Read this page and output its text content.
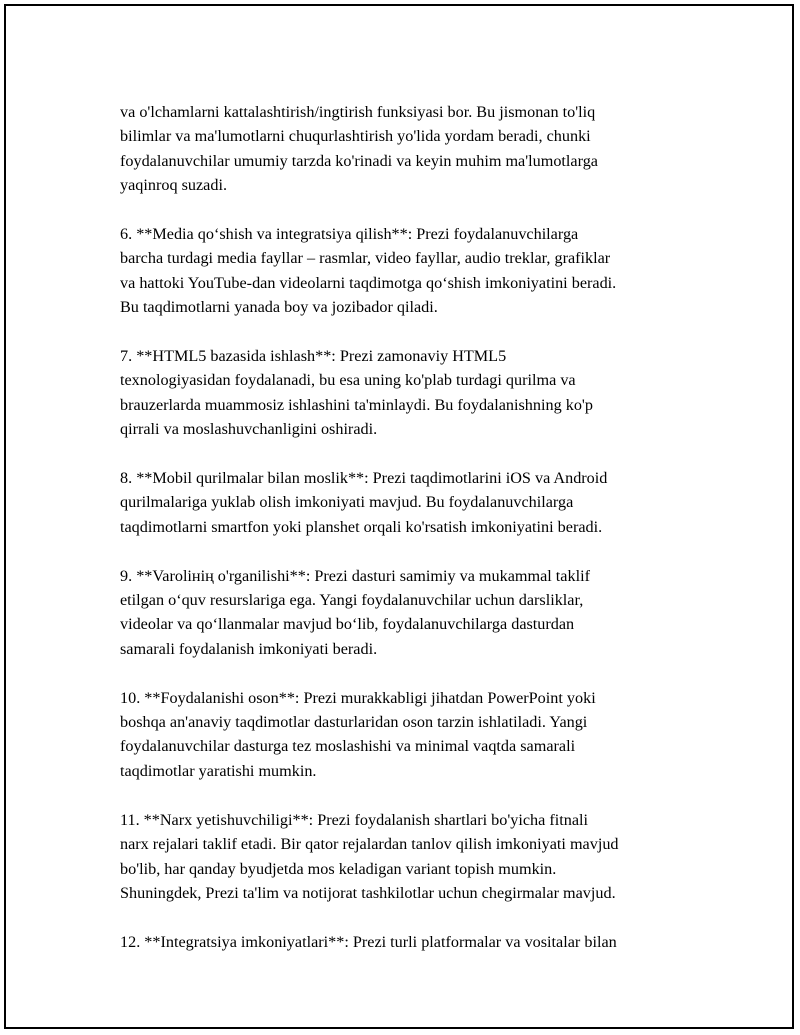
va o'lchamlarni kattalashtirish/ingtirish funksiyasi bor. Bu jismonan to'liq
bilimlar va ma'lumotlarni chuqurlashtirish yo'lida yordam beradi, chunki
foydalanuvchilar umumiy tarzda ko'rinadi va keyin muhim ma'lumotlarga
yaqinroq suzadi.

6. **Media qo‘shish va integratsiya qilish**: Prezi foydalanuvchilarga
barcha turdagi media fayllar – rasmlar, video fayllar, audio treklar, grafiklar
va hattoki YouTube-dan videolarni taqdimotga qo‘shish imkoniyatini beradi.
Bu taqdimotlarni yanada boy va jozibador qiladi.

7. **HTML5 bazasida ishlash**: Prezi zamonaviy HTML5
texnologiyasidan foydalanadi, bu esa uning ko'plab turdagi qurilma va
brauzerlarda muammosiz ishlashini ta'minlaydi. Bu foydalanishning ko'p
qirrali va moslashuvchanligini oshiradi.

8. **Mobil qurilmalar bilan moslik**: Prezi taqdimotlarini iOS va Android
qurilmalariga yuklab olish imkoniyati mavjud. Bu foydalanuvchilarga
taqdimotlarni smartfon yoki planshet orqali ko'rsatish imkoniyatini beradi.

9. **Varolінің o'rganilishi**: Prezi dasturi samimiy va mukammal taklif
etilgan o‘quv resurslariga ega. Yangi foydalanuvchilar uchun darsliklar,
videolar va qo‘llanmalar mavjud bo‘lib, foydalanuvchilarga dasturdan
samarali foydalanish imkoniyati beradi.

10. **Foydalanishi oson**: Prezi murakkabligi jihatdan PowerPoint yoki
boshqa an'anaviy taqdimotlar dasturlaridan oson tarzin ishlatiladi. Yangi
foydalanuvchilar dasturga tez moslashishi va minimal vaqtda samarali
taqdimotlar yaratishi mumkin.

11. **Narx yetishuvchiligi**: Prezi foydalanish shartlari bo'yicha fitnali
narx rejalari taklif etadi. Bir qator rejalardan tanlov qilish imkoniyati mavjud
bo'lib, har qanday byudjetda mos keladigan variant topish mumkin.
Shuningdek, Prezi ta'lim va notijorat tashkilotlar uchun chegirmalar mavjud.

12. **Integratsiya imkoniyatlari**: Prezi turli platformalar va vositalar bilan
